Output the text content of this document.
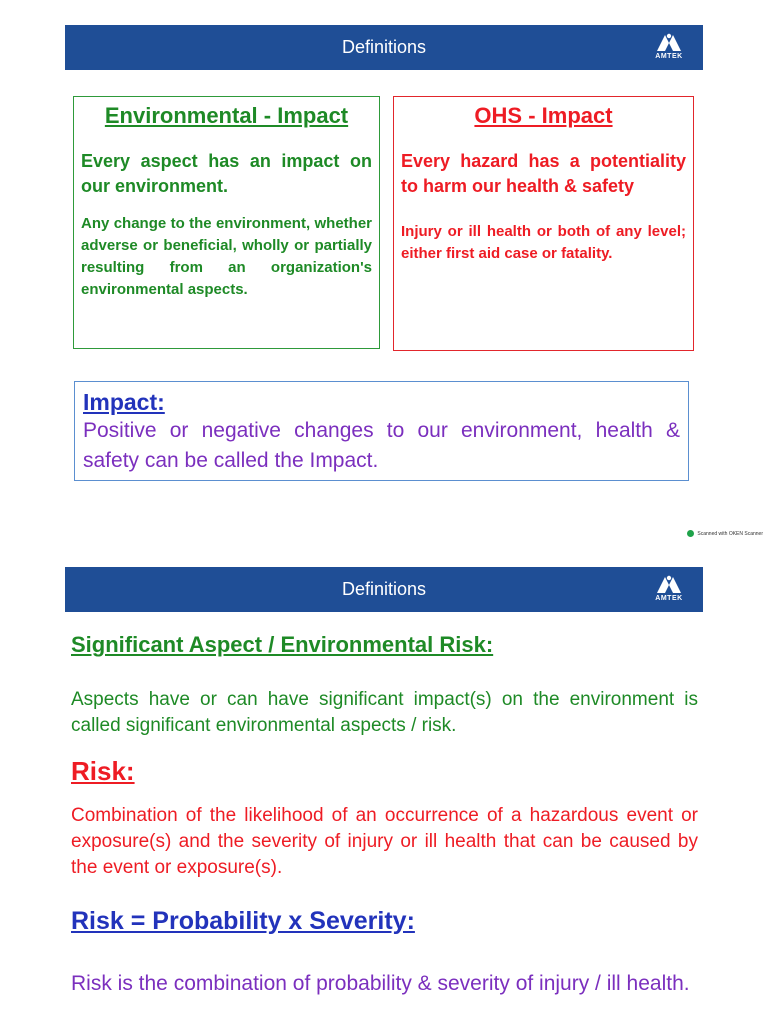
Definitions	AMTEK

Environmental - Impact

Every aspect has an impact on our environment.

Any change to the environment, whether adverse or beneficial, wholly or partially resulting from an organization's environmental aspects.

OHS - Impact

Every hazard has a potentiality to harm our health & safety

Injury or ill health or both of any level; either first aid case or fatality.

Impact:

Positive or negative changes to our environment, health & safety can be called the Impact.

Scanned with OKEN Scanner
Definitions	AMTEK

Significant Aspect / Environmental Risk:

Aspects have or can have significant impact(s) on the environment is called significant environmental aspects / risk.

Risk:

Combination of the likelihood of an occurrence of a hazardous event or exposure(s) and the severity of injury or ill health that can be caused by the event or exposure(s).

Risk = Probability x Severity:

Risk is the combination of probability & severity of injury / ill health.
